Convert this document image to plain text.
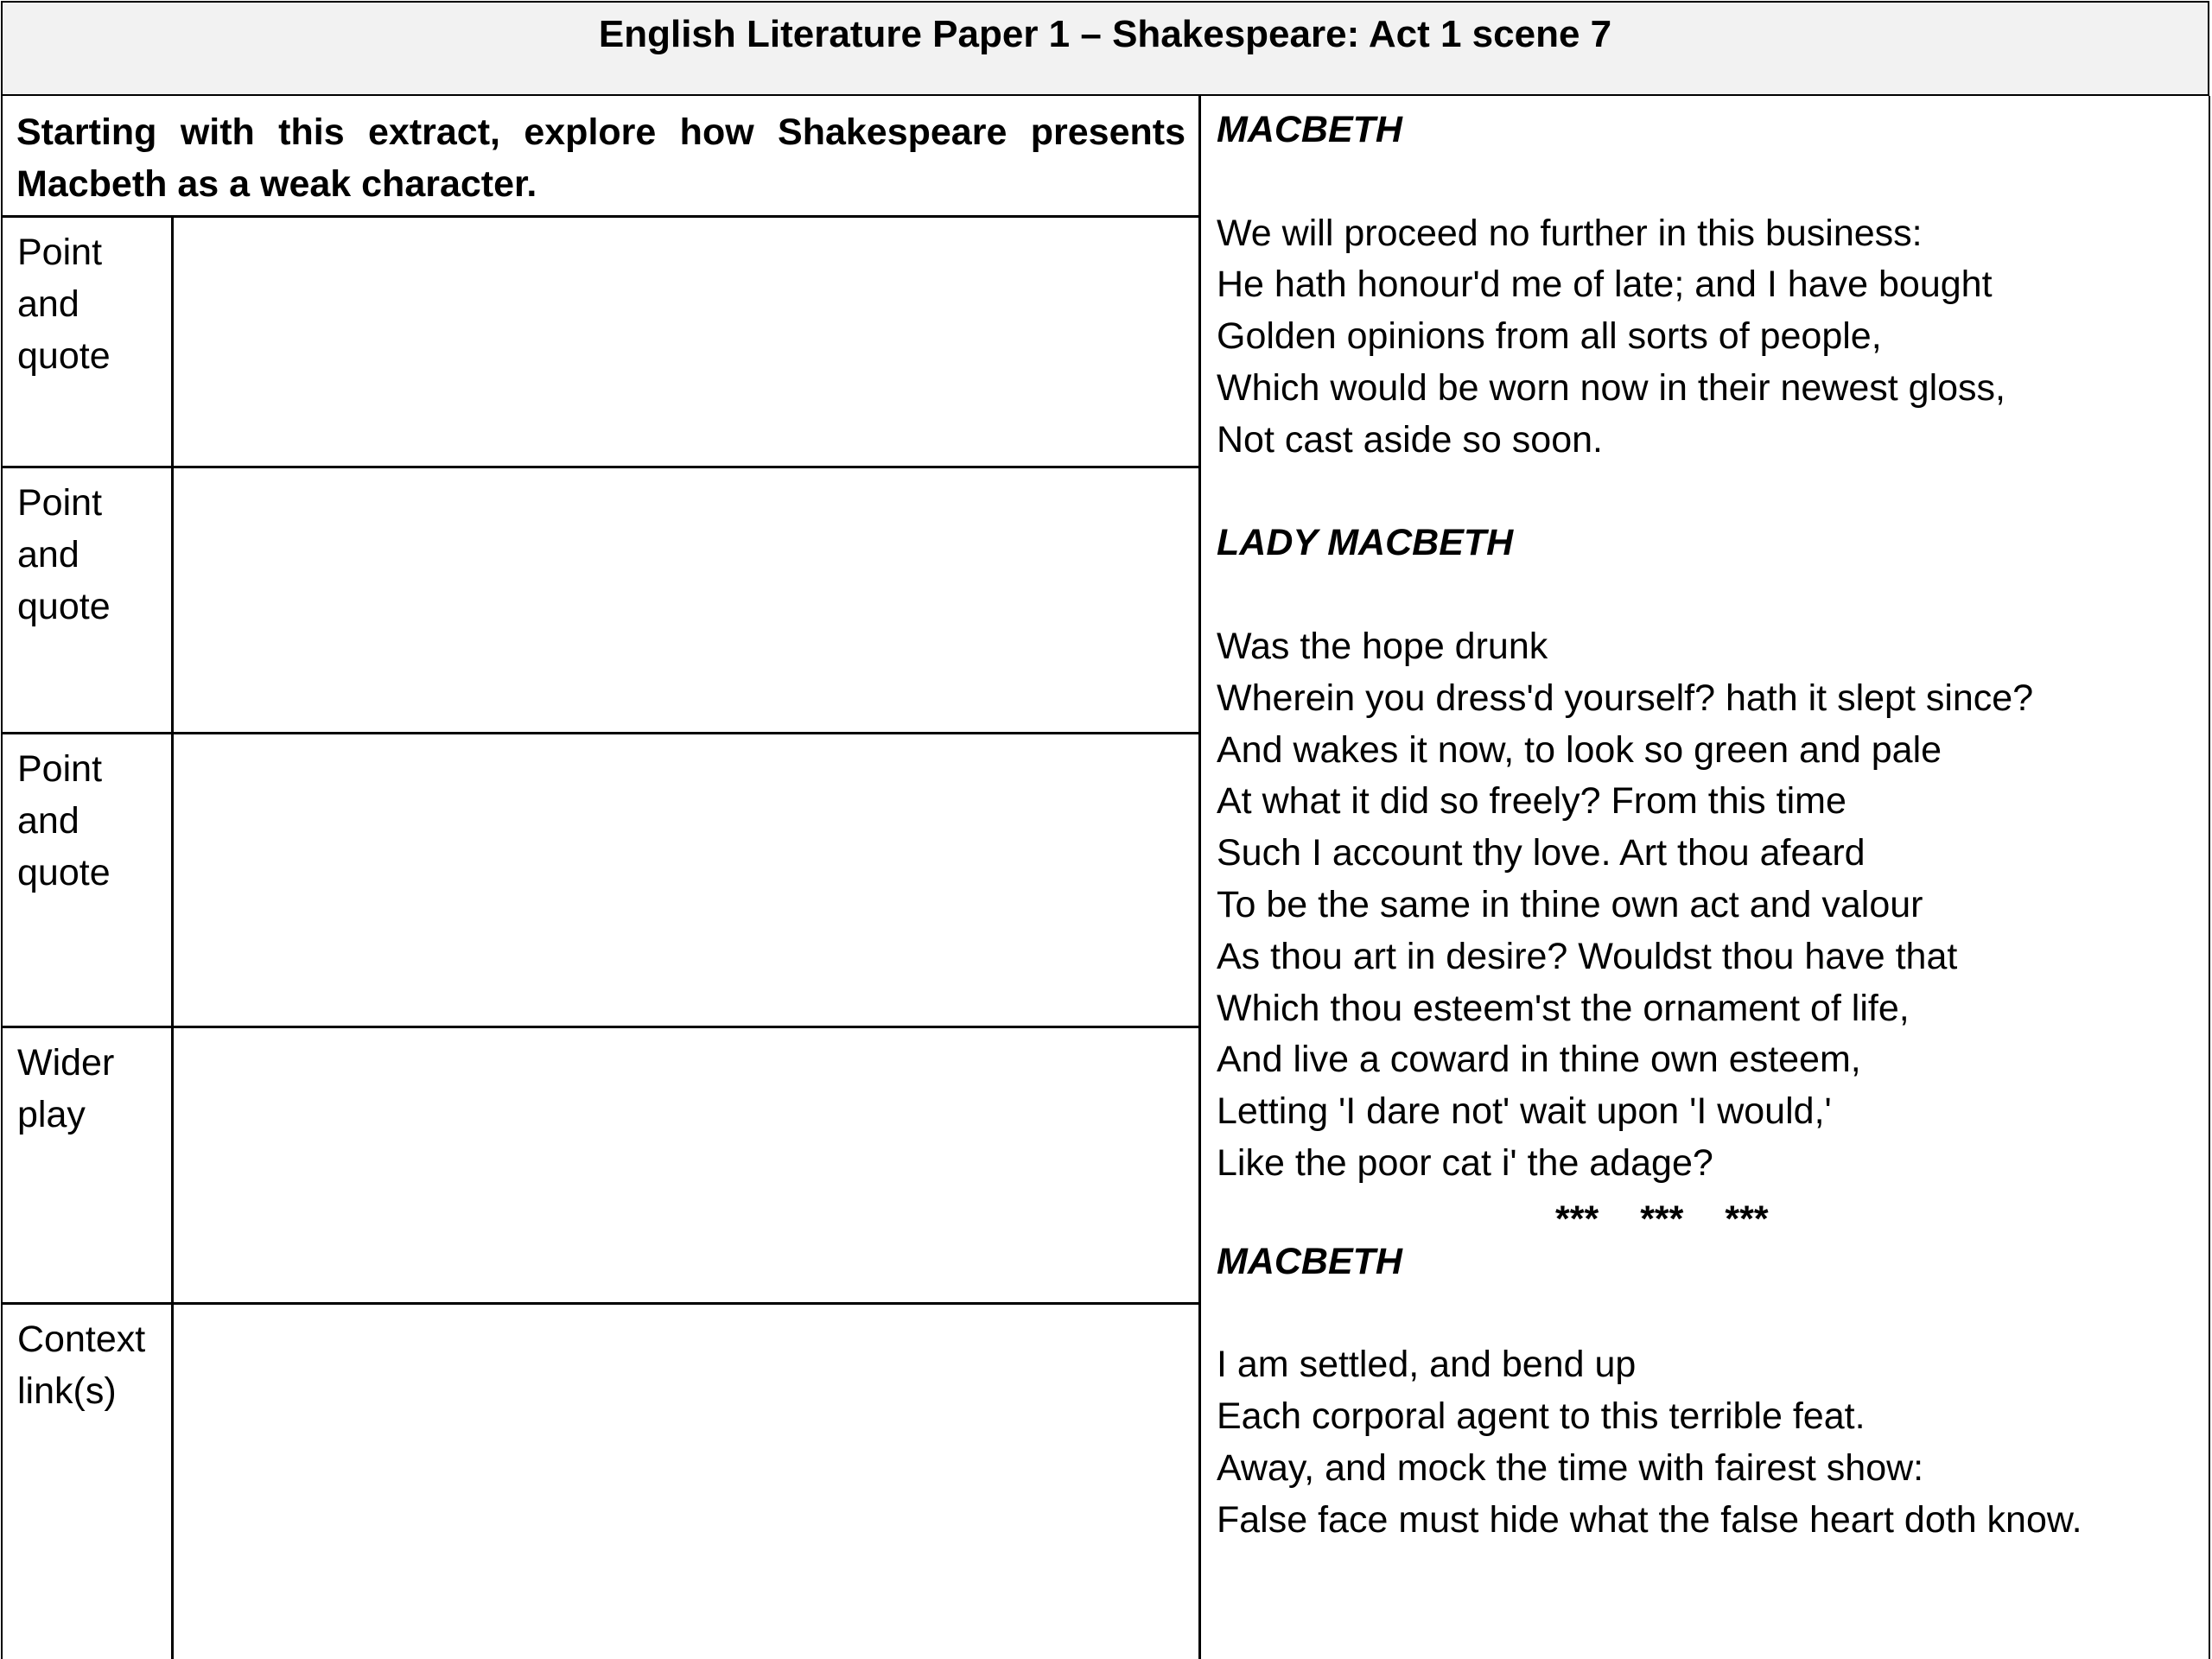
English Literature Paper 1 – Shakespeare: Act 1 scene 7
Starting with this extract, explore how Shakespeare presents Macbeth as a weak character.
Point
and
quote
Point
and
quote
Point
and
quote
Wider
play
Context
link(s)
MACBETH
We will proceed no further in this business:
He hath honour'd me of late; and I have bought
Golden opinions from all sorts of people,
Which would be worn now in their newest gloss,
Not cast aside so soon.
LADY MACBETH
Was the hope drunk
Wherein you dress'd yourself? hath it slept since?
And wakes it now, to look so green and pale
At what it did so freely? From this time
Such I account thy love. Art thou afeard
To be the same in thine own act and valour
As thou art in desire? Wouldst thou have that
Which thou esteem'st the ornament of life,
And live a coward in thine own esteem,
Letting 'I dare not' wait upon 'I would,'
Like the poor cat i' the adage?
*** *** ***
MACBETH
I am settled, and bend up
Each corporal agent to this terrible feat.
Away, and mock the time with fairest show:
False face must hide what the false heart doth know.
